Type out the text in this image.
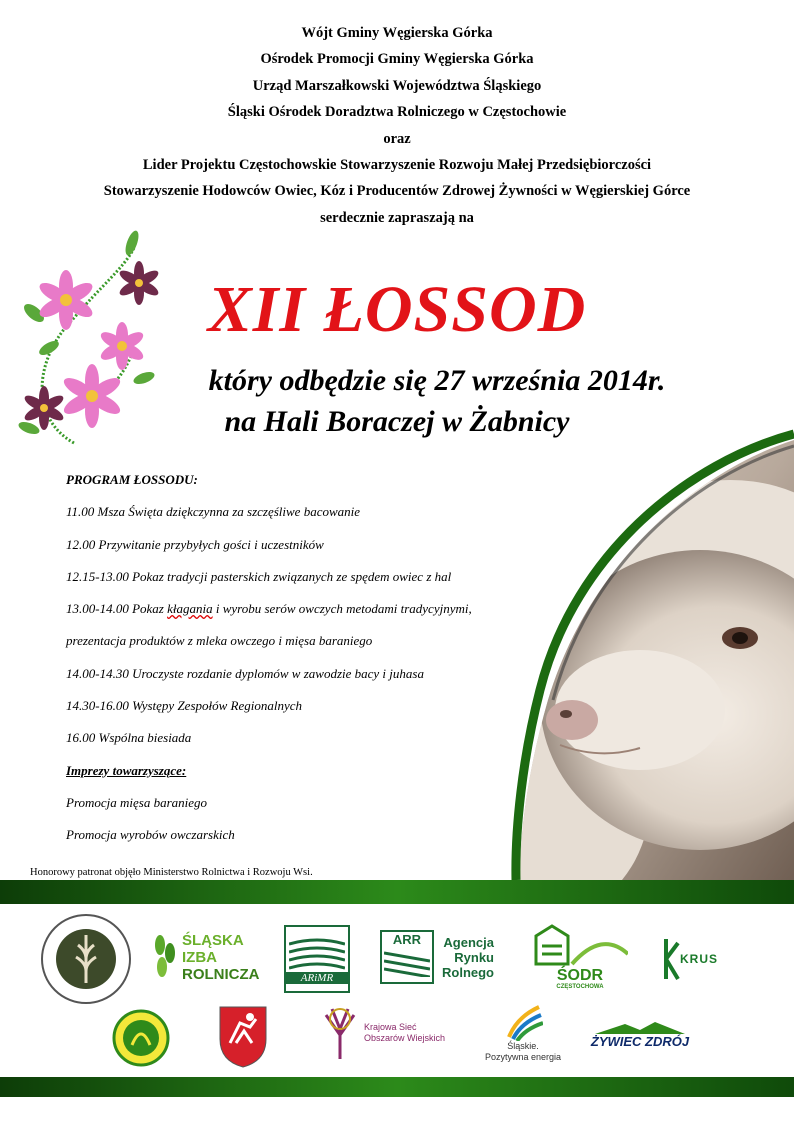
Wójt Gminy Węgierska Górka
Ośrodek Promocji Gminy Węgierska Górka
Urząd Marszałkowski Województwa Śląskiego
Śląski Ośrodek Doradztwa Rolniczego w Częstochowie
oraz
Lider Projektu Częstochowskie Stowarzyszenie Rozwoju Małej Przedsiębiorczości
Stowarzyszenie Hodowców Owiec, Kóz i Producentów Zdrowej Żywności w Węgierskiej Górce
serdecznie zapraszają na
XII ŁOSSOD
który odbędzie się 27 września 2014r.
na Hali Boraczej w Żabnicy
PROGRAM ŁOSSODU:
11.00 Msza Święta dziękczynna za szczęśliwe bacowanie
12.00 Przywitanie przybyłych gości i uczestników
12.15-13.00 Pokaz tradycji pasterskich związanych ze spędem owiec z hal
13.00-14.00 Pokaz kłagania i wyrobu serów owczych metodami tradycyjnymi,
prezentacja produktów z mleka owczego i mięsa baraniego
14.00-14.30 Uroczyste rozdanie dyplomów w zawodzie bacy i juhasa
14.30-16.00 Występy Zespołów Regionalnych
16.00 Wspólna biesiada
Imprezy towarzyszące:
Promocja mięsa baraniego
Promocja wyrobów owczarskich
Honorowy patronat objęło Ministerstwo Rolnictwa i Rozwoju Wsi.
ŚLĄSKA
IZBA
ROLNICZA	ARiMR
ARR Agencja
Rynku
Rolnego	ŚODR
CZĘSTOCHOWA
KRUS
Krajowa Sieć
Obszarów Wiejskich
Śląskie.
Pozytywna energia
ŻYWIEC ZDRÓJ
